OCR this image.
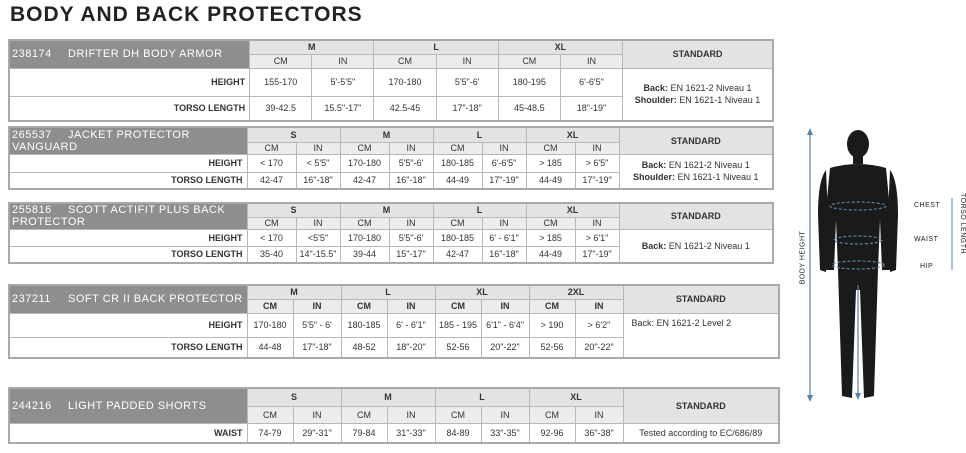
BODY AND BACK PROTECTORS
238174 DRIFTER DH BODY ARMOR	M		L		XL		STANDARD
	CM	IN	CM	IN	CM	IN	
HEIGHT	155-170	5'-5'5"	170-180	5'5"-6'	180-195	6'-6'5"	Back: EN 1621-2 Niveau 1
Shoulder: EN 1621-1 Niveau 1

TORSO LENGTH	39-42.5	15.5"-17"	42.5-45	17"-18"	45-48.5	18"-19"	
265537 JACKET PROTECTOR VANGUARD	S		M		L		XL		STANDARD
	CM	IN	CM	IN	CM	IN	CM	IN	
HEIGHT	< 170	< 5'5"	170-180	5'5"-6'	180-185	6'-6'5"	> 185	> 6'5"	Back: EN 1621-2 Niveau 1
Shoulder: EN 1621-1 Niveau 1

TORSO LENGTH	42-47	16"-18"	42-47	16"-18"	44-49	17"-19"	44-49	17"-19"	
255816 SCOTT ACTIFIT PLUS BACK PROTECTOR	S		M		L		XL		STANDARD
	CM	IN	CM	IN	CM	IN	CM	IN	
HEIGHT	< 170	<5'5"	170-180	5'5"-6'	180-185	6' - 6'1"	> 185	> 6'1"	Back: EN 1621-2 Niveau 1

TORSO LENGTH	35-40	14"-15.5"	39-44	15"-17"	42-47	16"-18"	44-49	17"-19"	
237211 SOFT CR II BACK PROTECTOR	M		L		XL		2XL		STANDARD
	CM	IN	CM	IN	CM	IN	CM	IN	
HEIGHT	170-180	5'5" - 6'	180-185	6' - 6'1"	185 - 195	6'1" - 6'4"	> 190	> 6'2"	Back: EN 1621-2 Level 2

TORSO LENGTH	44-48	17"-18"	48-52	18"-20"	52-56	20"-22"	52-56	20"-22"	
244216 LIGHT PADDED SHORTS	S		M		L		XL		STANDARD
	CM	IN	CM	IN	CM	IN	CM	IN	
WAIST	74-79	29"-31"	79-84	31"-33"	84-89	33"-35"	92-96	36"-38"	Tested according to EC/686/89
BODY HEIGHT
CHEST
WAIST
HIP
TORSO LENGTH
